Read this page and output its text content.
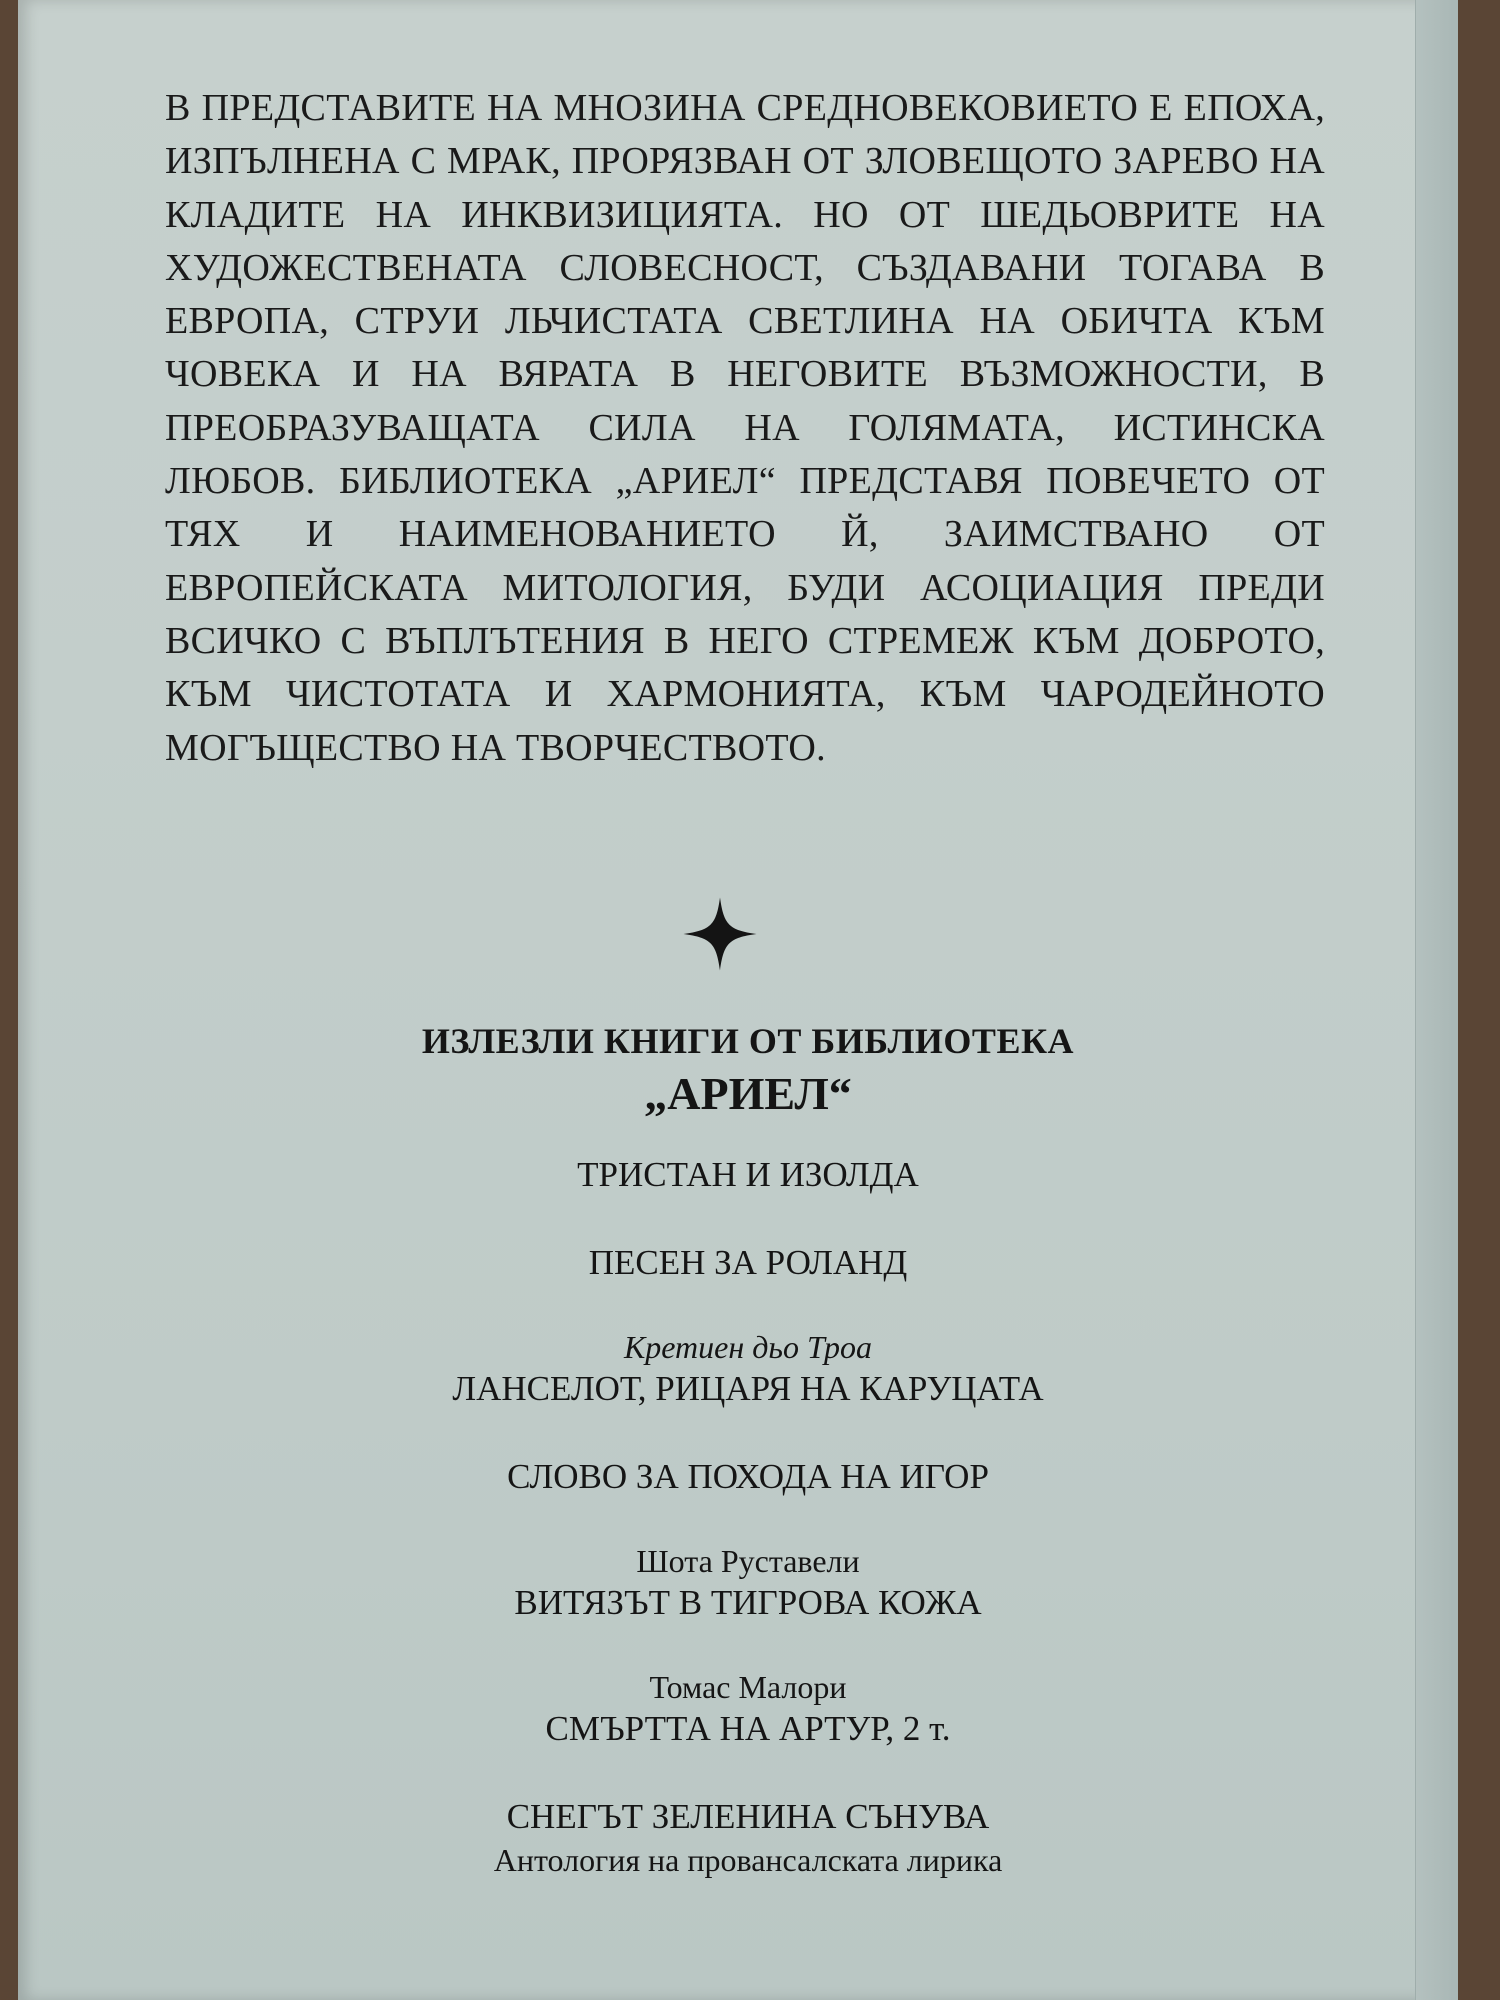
В ПРЕДСТАВИТЕ НА МНОЗИНА СРЕДНОВЕКОВИЕТО Е ЕПОХА, ИЗПЪЛНЕНА С МРАК, ПРОРЯЗВАН ОТ ЗЛОВЕЩОТО ЗАРЕВО НА КЛАДИТЕ НА ИНКВИЗИЦИЯТА. НО ОТ ШЕДЬОВРИТЕ НА ХУДОЖЕСТВЕНАТА СЛОВЕСНОСТ, СЪЗДАВАНИ ТОГАВА В ЕВРОПА, СТРУИ ЛЬЧИСТАТА СВЕТЛИНА НА ОБИЧТА КЪМ ЧОВЕКА И НА ВЯРАТА В НЕГОВИТЕ ВЪЗМОЖНОСТИ, В ПРЕОБРАЗУВАЩАТА СИЛА НА ГОЛЯМАТА, ИСТИНСКА ЛЮБОВ. БИБЛИОТЕКА „АРИЕЛ“ ПРЕДСТАВЯ ПОВЕЧЕТО ОТ ТЯХ И НАИМЕНОВАНИЕТО Й, ЗАИМСТВАНО ОТ ЕВРОПЕЙСКАТА МИТОЛОГИЯ, БУДИ АСОЦИАЦИЯ ПРЕДИ ВСИЧКО С ВЪПЛЪТЕНИЯ В НЕГО СТРЕМЕЖ КЪМ ДОБРОТО, КЪМ ЧИСТОТАТА И ХАРМОНИЯТА, КЪМ ЧАРОДЕЙНОТО МОГЪЩЕСТВО НА ТВОРЧЕСТВОТО.

ИЗЛЕЗЛИ КНИГИ ОТ БИБЛИОТЕКА
„АРИЕЛ“
ТРИСТАН И ИЗОЛДА
ПЕСЕН ЗА РОЛАНД
Кретиен дьо Троа
ЛАНСЕЛОТ, РИЦАРЯ НА КАРУЦАТА
СЛОВО ЗА ПОХОДА НА ИГОР
Шота Руставели
ВИТЯЗЪТ В ТИГРОВА КОЖА
Томас Малори
СМЪРТТА НА АРТУР, 2 т.
СНЕГЪТ ЗЕЛЕНИНА СЪНУВА
Антология на провансалската лирика
